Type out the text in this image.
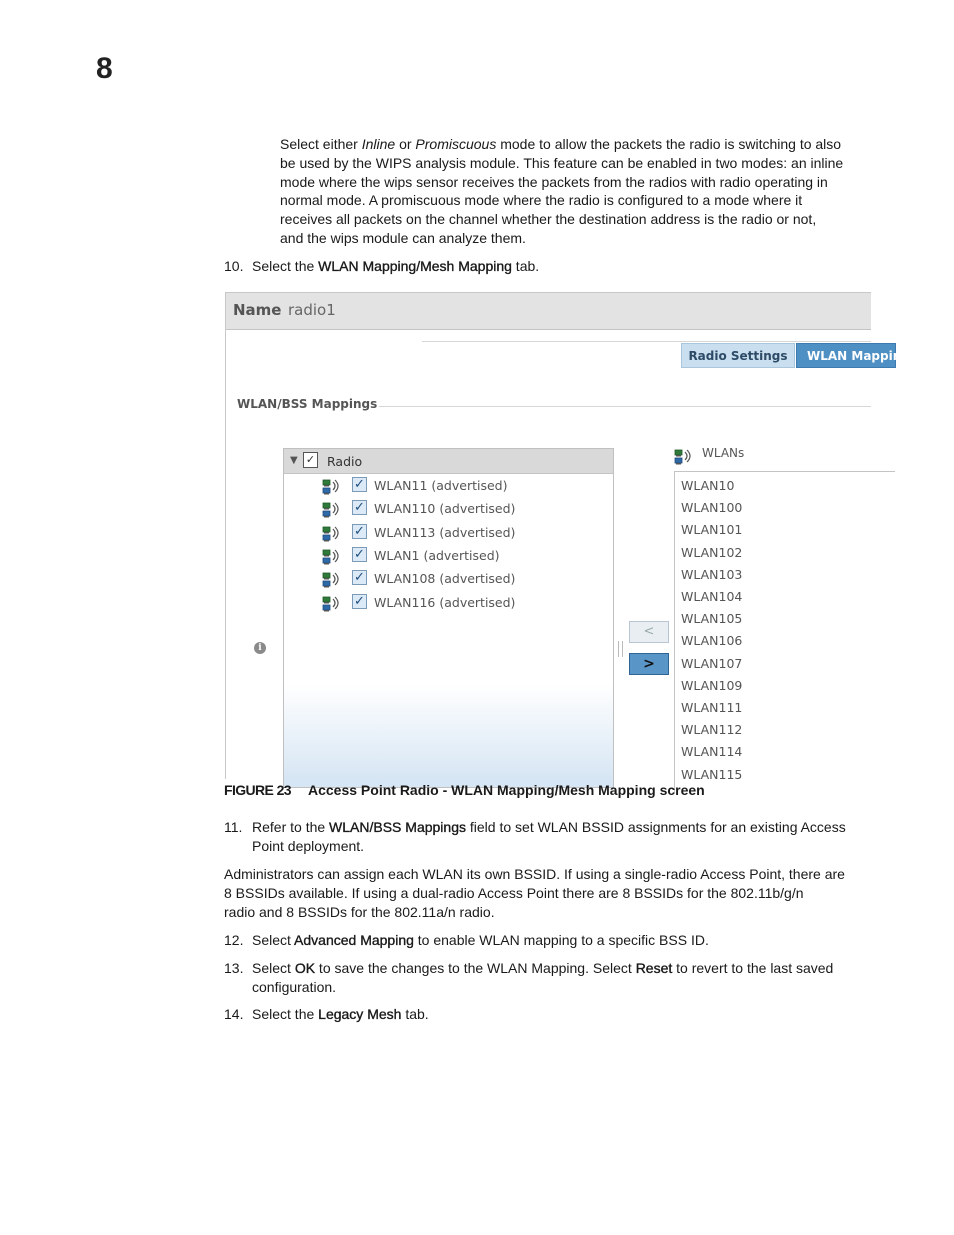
8
Select either Inline or Promiscuous mode to allow the packets the radio is switching to also
be used by the WIPS analysis module. This feature can be enabled in two modes: an inline
mode where the wips sensor receives the packets from the radios with radio operating in
normal mode. A promiscuous mode where the radio is configured to a mode where it
receives all packets on the channel whether the destination address is the radio or not,
and the wips module can analyze them.
10. Select the WLAN Mapping/Mesh Mapping tab.
Name radio1
Radio Settings	WLAN Mapping
WLAN/BSS Mappings
i
▼ ✓ Radio
✓ WLAN11 (advertised)
✓ WLAN110 (advertised)
✓ WLAN113 (advertised)
✓ WLAN1 (advertised)
✓ WLAN108 (advertised)
✓ WLAN116 (advertised)
<
>
WLANs
WLAN10
WLAN100
WLAN101
WLAN102
WLAN103
WLAN104
WLAN105
WLAN106
WLAN107
WLAN109
WLAN111
WLAN112
WLAN114
WLAN115
FIGURE 23 Access Point Radio - WLAN Mapping/Mesh Mapping screen
11. Refer to the WLAN/BSS Mappings field to set WLAN BSSID assignments for an existing Access
Point deployment.
Administrators can assign each WLAN its own BSSID. If using a single-radio Access Point, there are
8 BSSIDs available. If using a dual-radio Access Point there are 8 BSSIDs for the 802.11b/g/n
radio and 8 BSSIDs for the 802.11a/n radio.
12. Select Advanced Mapping to enable WLAN mapping to a specific BSS ID.
13. Select OK to save the changes to the WLAN Mapping. Select Reset to revert to the last saved
configuration.
14. Select the Legacy Mesh tab.
